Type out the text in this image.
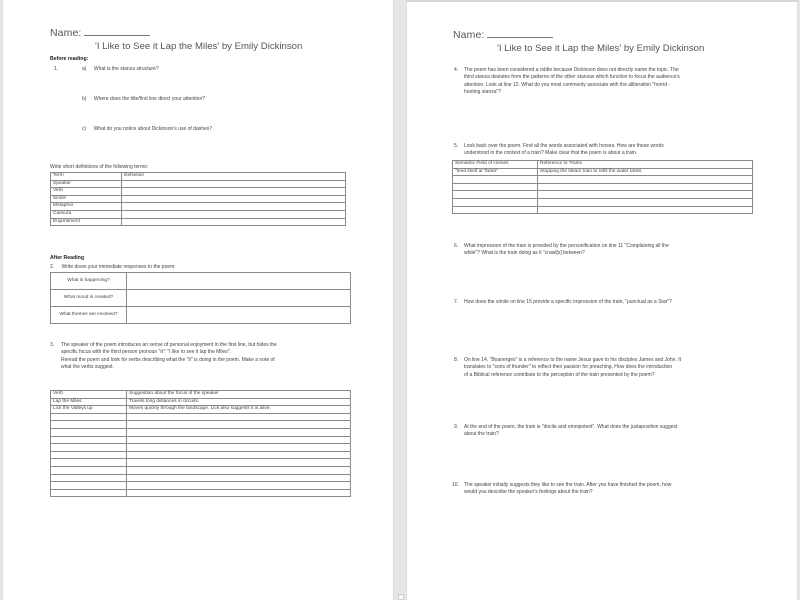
Name:
'I Like to See it Lap the Miles' by Emily Dickinson
Before reading:
1.	a) What is the stanza structure?
b) Where does the title/first line direct your attention?
c) What do you notice about Dickinson's use of dashes?
Write short definitions of the following terms:
Term	Definition
Speaker	
Verb	
Simile	
Metaphor	
Caesura	
Enjambment	
After Reading
2. Write down your immediate responses to the poem:
What is happening?	
What mood is created?	
What themes are involved?	
3. The speaker of the poem introduces an sense of personal enjoyment in the first line, but hides the
specific focus with the third person pronoun "it": "I like to see it lap the Miles".
Reread the poem and look for verbs describing what the "it" is doing in the poem. Make a note of
what the verbs suggest.
Verb	Suggestion about the focus of the speaker
Lap the Miles	Travels long distances in circuits.
Lick the Valleys up	Moves quickly through the landscape. Lick also suggests it is alive.

Name:
'I Like to See it Lap the Miles' by Emily Dickinson
4. The poem has been considered a riddle because Dickinson does not directly name the topic. The
third stanza deviates from the patterns of the other stanzas which function to focus the audience's
attention. Look at line 12. What do you most commonly associate with the alliteration "horrid -
hooting stanza"?
5. Look back over the poem. Find all the words associated with horses. How are these words
understood in the context of a train? Make clear that the poem is about a train.
Semantic Field of Horses	Reference to Trains
"feed itself at Tanks"	Stopping the steam train to refill the water tanks.

6. What impression of the train is provided by the personification on line 11 "Complaining all the
while"? What is the train doing as it "crawl[s] between?
7. How does the simile on line 15 provide a specific impression of the train, "punctual as a Star"?
8. On line 14, "Boanerges" is a reference to the name Jesus gave to his disciples James and John. It
translates to "sons of thunder" to reflect their passion for preaching. How does the introduction
of a Biblical reference contribute to the perception of the train presented by the poem?
9. At the end of the poem, the train is "docile and omnipotent". What does the juxtaposition suggest
about the train?
10. The speaker initially suggests they like to see the train. After you have finished the poem, how
would you describe the speaker's feelings about the train?
